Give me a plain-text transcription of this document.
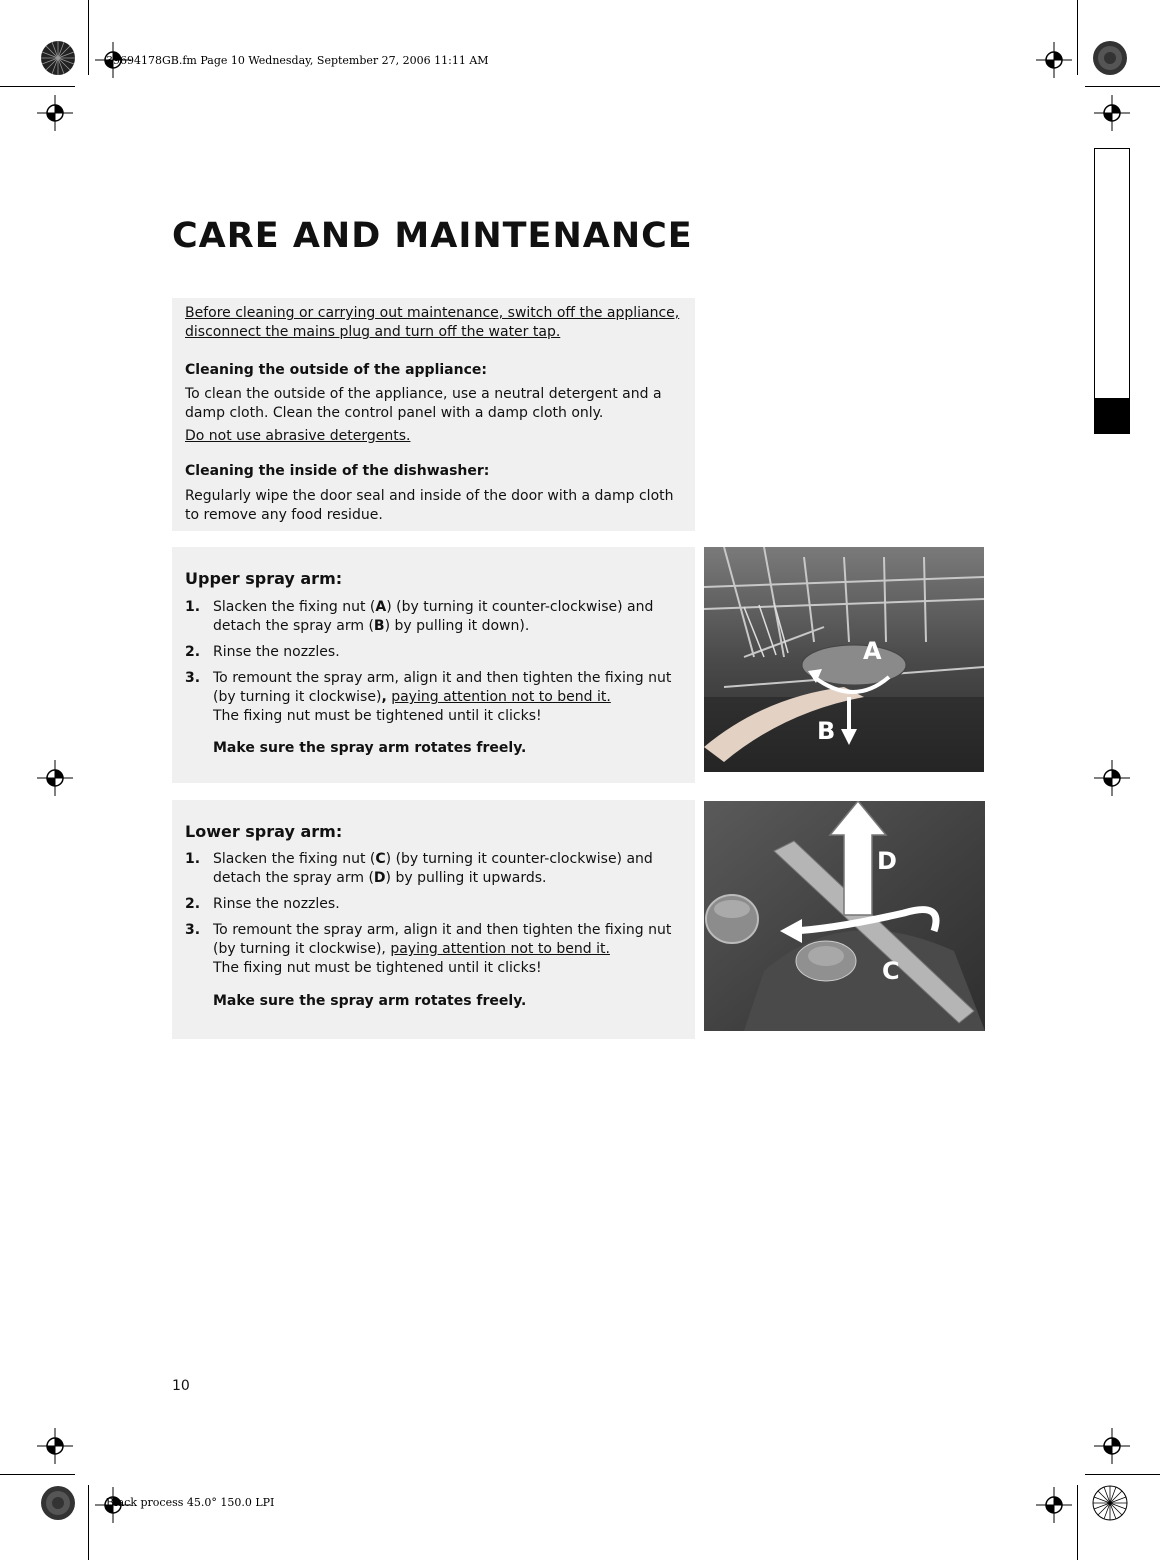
39694178GB.fm Page 10 Wednesday, September 27, 2006 11:11 AM
Black process 45.0° 150.0 LPI
CARE AND MAINTENANCE
Before cleaning or carrying out maintenance, switch off the appliance, disconnect the mains plug and turn off the water tap.
Cleaning the outside of the appliance:
To clean the outside of the appliance, use a neutral detergent and a damp cloth. Clean the control panel with a damp cloth only.
Do not use abrasive detergents.
Cleaning the inside of the dishwasher:
Regularly wipe the door seal and inside of the door with a damp cloth to remove any food residue.
Upper spray arm:
1. Slacken the fixing nut (A) (by turning it counter-clockwise) and detach the spray arm (B) by pulling it down).
2. Rinse the nozzles.
3. To remount the spray arm, align it and then tighten the fixing nut (by turning it clockwise), paying attention not to bend it.
The fixing nut must be tightened until it clicks!
Make sure the spray arm rotates freely.
A
B
Lower spray arm:
1. Slacken the fixing nut (C) (by turning it counter-clockwise) and detach the spray arm (D) by pulling it upwards.
2. Rinse the nozzles.
3. To remount the spray arm, align it and then tighten the fixing nut (by turning it clockwise), paying attention not to bend it.
The fixing nut must be tightened until it clicks!
Make sure the spray arm rotates freely.
D
C
10
